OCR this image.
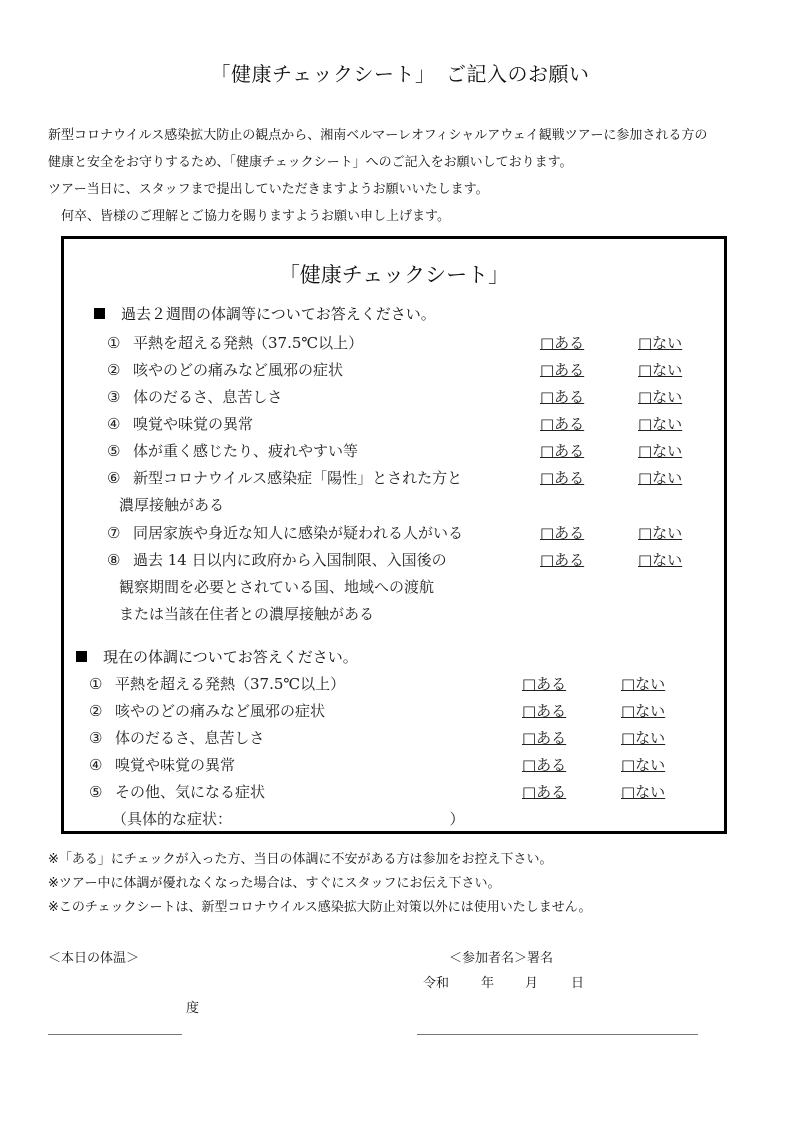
「健康チェックシート」　ご記入のお願い
新型コロナウイルス感染拡大防止の観点から、湘南ベルマーレオフィシャルアウェイ観戦ツアーに参加される方の
健康と安全をお守りするため、「健康チェックシート」へのご記入をお願いしております。
ツアー当日に、スタッフまで提出していただきますようお願いいたします。
　何卒、皆様のご理解とご協力を賜りますようお願い申し上げます。
「健康チェックシート」
過去２週間の体調等についてお答えください。
① 平熱を超える発熱（37.5℃以上）	□ある	□ない
② 咳やのどの痛みなど風邪の症状	□ある	□ない
③ 体のだるさ、息苦しさ	□ある	□ない
④ 嗅覚や味覚の異常	□ある	□ない
⑤ 体が重く感じたり、疲れやすい等	□ある	□ない
⑥ 新型コロナウイルス感染症「陽性」とされた方と
濃厚接触がある
□ある	□ない
⑦ 同居家族や身近な知人に感染が疑われる人がいる	□ある	□ない
⑧ 過去 14 日以内に政府から入国制限、入国後の
観察期間を必要とされている国、地域への渡航
または当該在住者との濃厚接触がある
□ある	□ない
現在の体調についてお答えください。
① 平熱を超える発熱（37.5℃以上）	□ある	□ない
② 咳やのどの痛みなど風邪の症状	□ある	□ない
③ 体のだるさ、息苦しさ	□ある	□ない
④ 嗅覚や味覚の異常	□ある	□ない
⑤ その他、気になる症状	□ある	□ない
（具体的な症状：　　　　　　　　　　　　　　　）
※「ある」にチェックが入った方、当日の体調に不安がある方は参加をお控え下さい。
※ツアー中に体調が優れなくなった場合は、すぐにスタッフにお伝え下さい。
※このチェックシートは、新型コロナウイルス感染拡大防止対策以外には使用いたしません。
＜本日の体温＞
度
＜参加者名＞署名
令和 年 月	日
